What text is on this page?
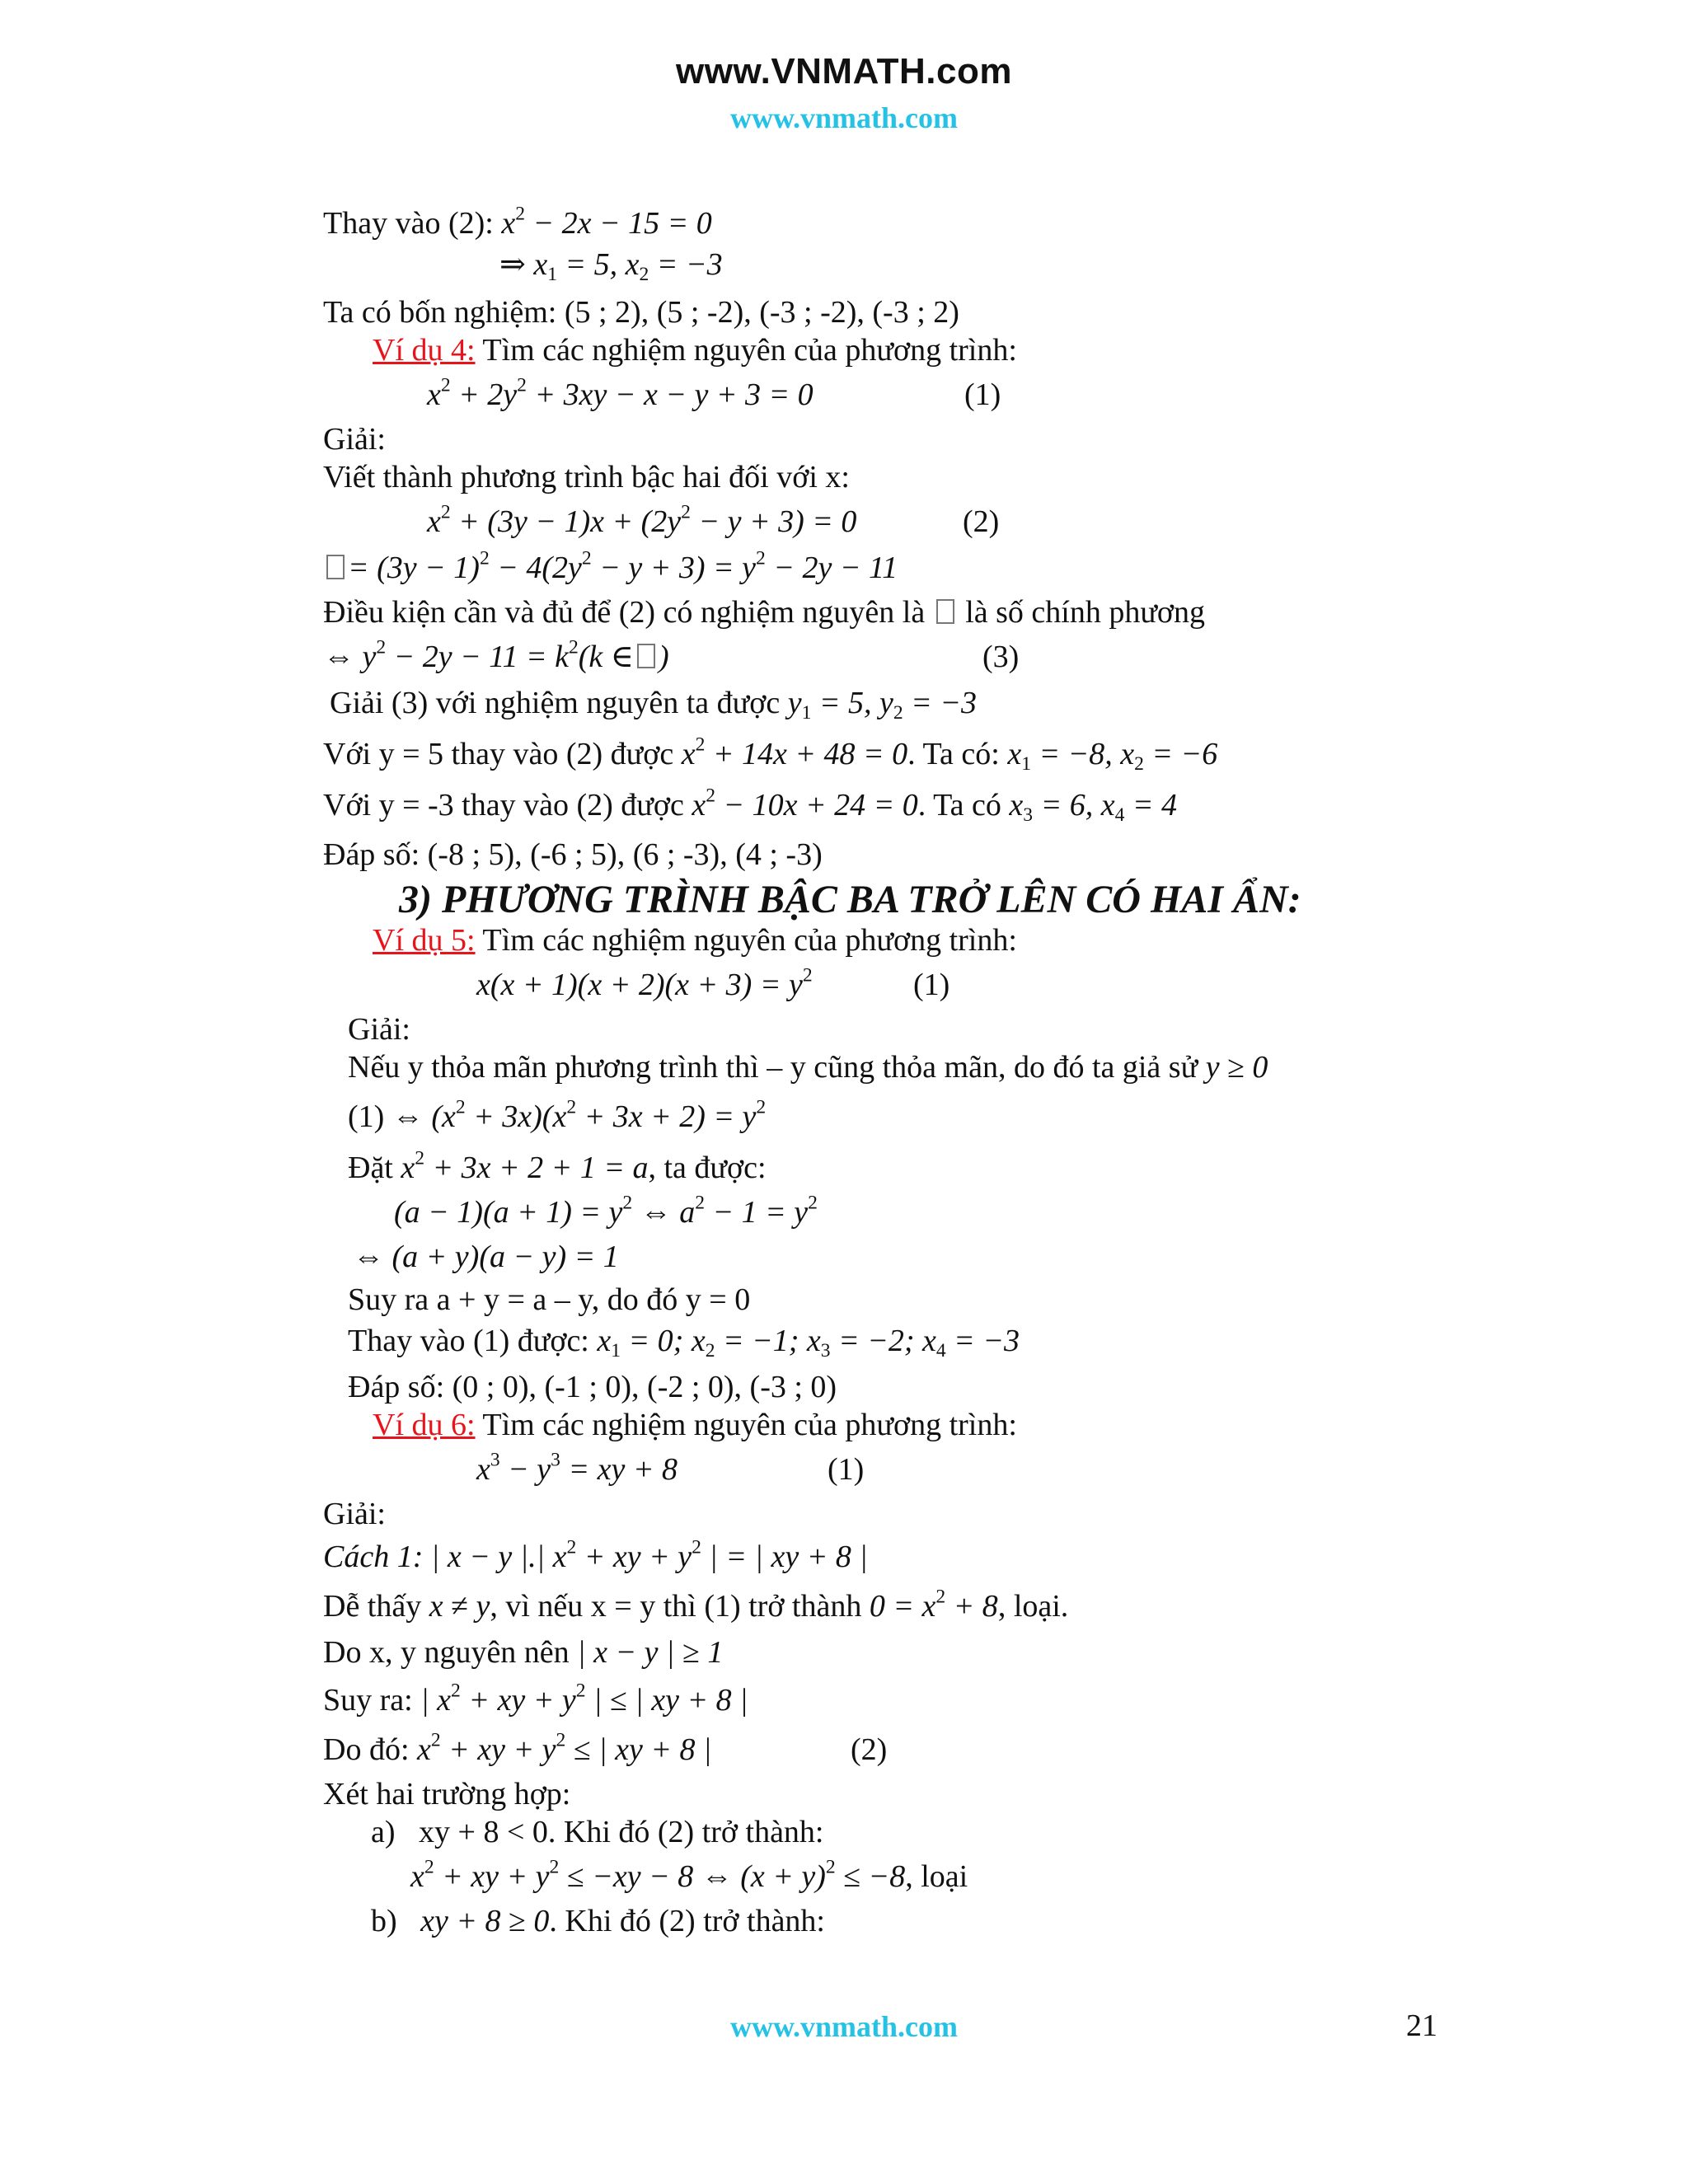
www.VNMATH.com
www.vnmath.com
Thay vào (2): $x^2 - 2x - 15 = 0$
⇒ $x_1 = 5$, $x_2 = -3$
Ta có bốn nghiệm: (5 ; 2), (5 ; -2), (-3 ; -2), (-3 ; 2)
Ví dụ 4: Tìm các nghiệm nguyên của phương trình:
$x^2 + 2y^2 + 3xy - x - y + 3 = 0$	(1)
Giải:
Viết thành phương trình bậc hai đối với x:
$x^2 + (3y - 1)x + (2y^2 - y + 3) = 0$	(2)
= $(3y - 1)^2 - 4(2y^2 - y + 3) = y^2 - 2y - 11$
Điều kiện cần và đủ để (2) có nghiệm nguyên là  là số chính phương
⇔ $y^2 - 2y - 11 = k^2(k$ ∈ )	(3)
Giải (3) với nghiệm nguyên ta được $y_1 = 5$, $y_2 = -3$
Với y = 5 thay vào (2) được $x^2 + 14x + 48 = 0$. Ta có: $x_1 = -8$, $x_2 = -6$
Với y = -3 thay vào (2) được $x^2 - 10x + 24 = 0$. Ta có $x_3 = 6$, $x_4 = 4$
Đáp số: (-8 ; 5), (-6 ; 5), (6 ; -3), (4 ; -3)
3) PHƯƠNG TRÌNH BẬC BA TRỞ LÊN CÓ HAI ẨN:
Ví dụ 5: Tìm các nghiệm nguyên của phương trình:
$x(x + 1)(x + 2)(x + 3) = y^2$	(1)
Giải:
Nếu y thỏa mãn phương trình thì – y cũng thỏa mãn, do đó ta giả sử y ≥ 0
(1) ⇔ $(x^2 + 3x)(x^2 + 3x + 2) = y^2$
Đặt $x^2 + 3x + 2 + 1 = a$, ta được:
$(a - 1)(a + 1) = y^2$ ⇔ $a^2 - 1 = y^2$
⇔ (a + y)(a − y) = 1
Suy ra a + y = a – y, do đó y = 0
Thay vào (1) được: $x_1 = 0$; $x_2 = -1$; $x_3 = -2$; $x_4 = -3$
Đáp số: (0 ; 0), (-1 ; 0), (-2 ; 0), (-3 ; 0)
Ví dụ 6: Tìm các nghiệm nguyên của phương trình:
$x^3 - y^3$ = xy + 8	(1)
Giải:
Cách 1: | x − y |.| $x^2$ + xy + $y^2$ | = | xy + 8 |
Dễ thấy x ≠ y, vì nếu x = y thì (1) trở thành $0 = x^2 + 8$, loại.
Do x, y nguyên nên | x − y | ≥ 1
Suy ra: | $x^2$ + xy + $y^2$ | ≤ | xy + 8 |
Do đó: $x^2$ + xy + $y^2$ ≤ | xy + 8 |	(2)
Xét hai trường hợp:
a) xy + 8 < 0. Khi đó (2) trở thành:
$x^2$ + xy + $y^2 \le -xy - 8$ ⇔ $(x + y)^2 \le -8$, loại
b) xy + 8 ≥ 0. Khi đó (2) trở thành:
www.vnmath.com	21
